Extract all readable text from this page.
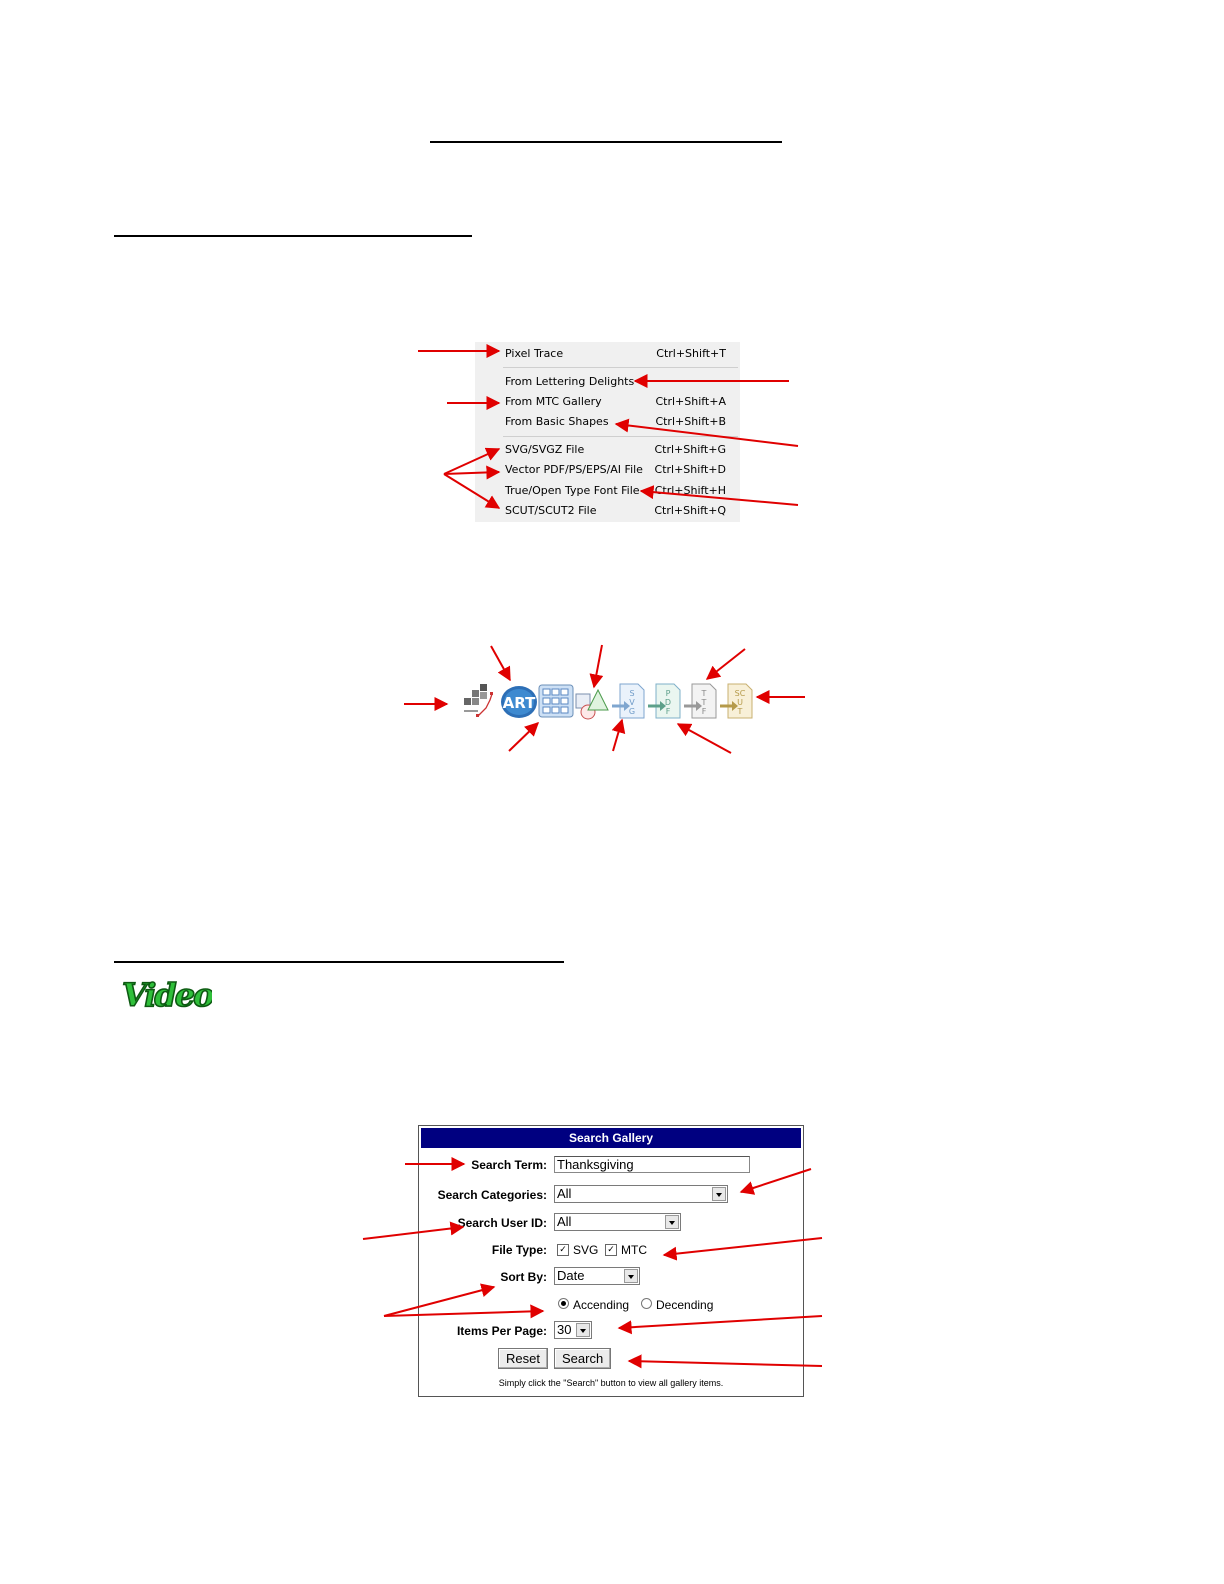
Pixel Trace	Ctrl+Shift+T
From Lettering Delights
From MTC Gallery	Ctrl+Shift+A
From Basic Shapes	Ctrl+Shift+B
SVG/SVGZ File	Ctrl+Shift+G
Vector PDF/PS/EPS/AI File Ctrl+Shift+D
True/Open Type Font File Ctrl+Shift+H
SCUT/SCUT2 File	Ctrl+Shift+Q
ART
S
V
G
P
D
F
T
T
F
SC
U
T
Video
Search Gallery
Search Term: Thanksgiving
Search Categories: All
Search User ID: All
File Type: ✓ SVG ✓ MTC
Sort By: Date
Accending Decending
Items Per Page: 30
Reset	Search
Simply click the "Search" button to view all gallery items.
